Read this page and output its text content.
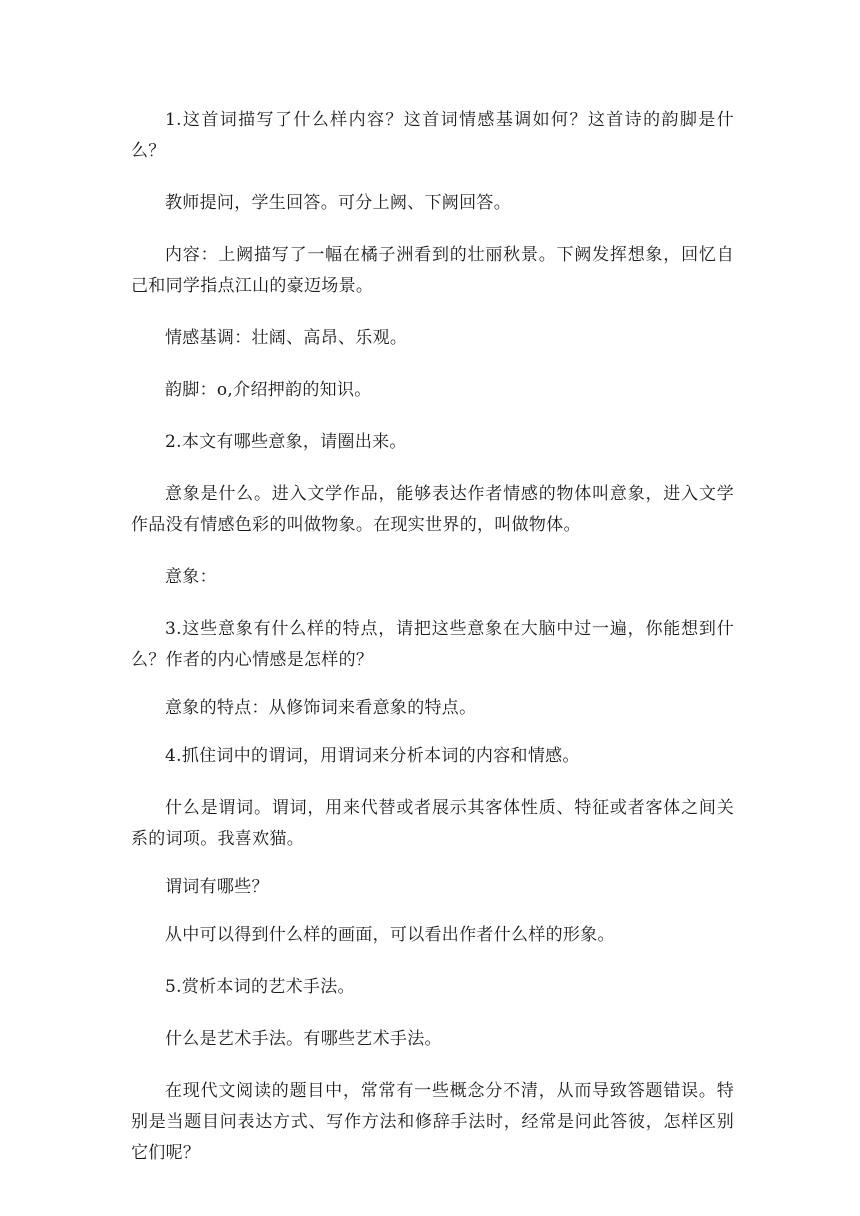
1.这首词描写了什么样内容？这首词情感基调如何？这首诗的韵脚是什么？

教师提问，学生回答。可分上阙、下阙回答。

内容：上阙描写了一幅在橘子洲看到的壮丽秋景。下阙发挥想象，回忆自己和同学指点江山的豪迈场景。

情感基调：壮阔、高昂、乐观。

韵脚：o,介绍押韵的知识。

2.本文有哪些意象，请圈出来。

意象是什么。进入文学作品，能够表达作者情感的物体叫意象，进入文学作品没有情感色彩的叫做物象。在现实世界的，叫做物体。

意象：

3.这些意象有什么样的特点，请把这些意象在大脑中过一遍，你能想到什么？作者的内心情感是怎样的？

意象的特点：从修饰词来看意象的特点。

4.抓住词中的谓词，用谓词来分析本词的内容和情感。

什么是谓词。谓词，用来代替或者展示其客体性质、特征或者客体之间关系的词项。我喜欢猫。

谓词有哪些？

从中可以得到什么样的画面，可以看出作者什么样的形象。

5.赏析本词的艺术手法。

什么是艺术手法。有哪些艺术手法。

在现代文阅读的题目中，常常有一些概念分不清，从而导致答题错误。特别是当题目问表达方式、写作方法和修辞手法时，经常是问此答彼，怎样区别它们呢？
